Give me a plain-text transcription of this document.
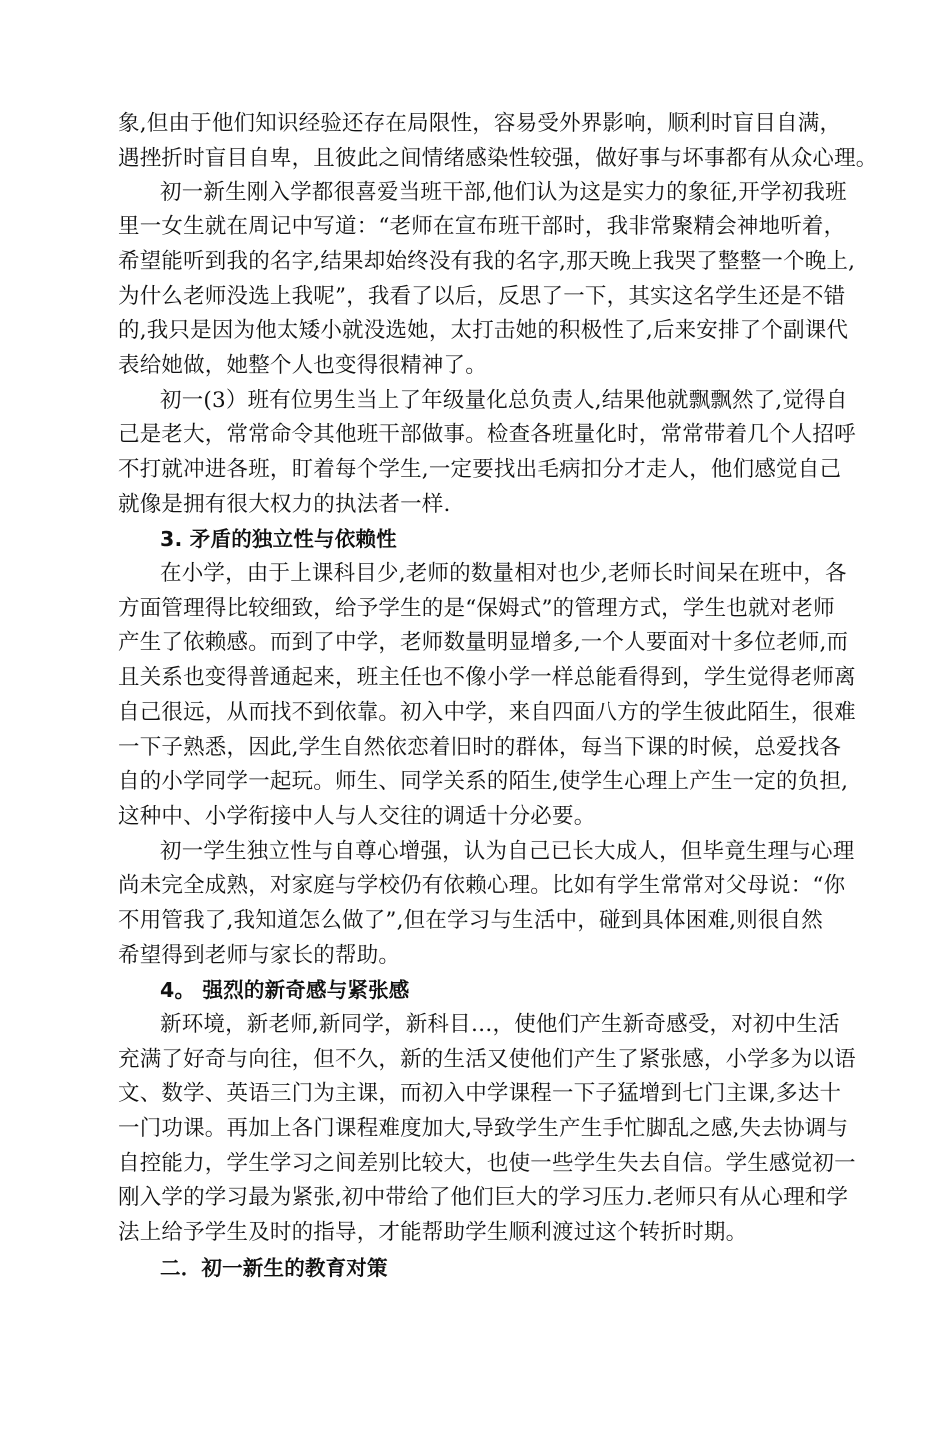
象,但由于他们知识经验还存在局限性，容易受外界影响，顺利时盲目自满，
遇挫折时盲目自卑，且彼此之间情绪感染性较强，做好事与坏事都有从众心理。
初一新生刚入学都很喜爱当班干部,他们认为这是实力的象征,开学初我班
里一女生就在周记中写道：“老师在宣布班干部时，我非常聚精会神地听着，
希望能听到我的名字,结果却始终没有我的名字,那天晚上我哭了整整一个晚上,
为什么老师没选上我呢”，我看了以后，反思了一下，其实这名学生还是不错
的,我只是因为他太矮小就没选她，太打击她的积极性了,后来安排了个副课代
表给她做，她整个人也变得很精神了。
初一(3）班有位男生当上了年级量化总负责人,结果他就飘飘然了,觉得自
己是老大，常常命令其他班干部做事。检查各班量化时，常常带着几个人招呼
不打就冲进各班，盯着每个学生,一定要找出毛病扣分才走人，他们感觉自己
就像是拥有很大权力的执法者一样.
3. 矛盾的独立性与依赖性
在小学，由于上课科目少,老师的数量相对也少,老师长时间呆在班中，各
方面管理得比较细致，给予学生的是“保姆式”的管理方式，学生也就对老师
产生了依赖感。而到了中学，老师数量明显增多,一个人要面对十多位老师,而
且关系也变得普通起来，班主任也不像小学一样总能看得到，学生觉得老师离
自己很远，从而找不到依靠。初入中学，来自四面八方的学生彼此陌生，很难
一下子熟悉，因此,学生自然依恋着旧时的群体，每当下课的时候，总爱找各
自的小学同学一起玩。师生、同学关系的陌生,使学生心理上产生一定的负担,
这种中、小学衔接中人与人交往的调适十分必要。
初一学生独立性与自尊心增强，认为自己已长大成人，但毕竟生理与心理
尚未完全成熟，对家庭与学校仍有依赖心理。比如有学生常常对父母说：“你
不用管我了,我知道怎么做了”,但在学习与生活中，碰到具体困难,则很自然
希望得到老师与家长的帮助。
4。 强烈的新奇感与紧张感
新环境，新老师,新同学，新科目…，使他们产生新奇感受，对初中生活
充满了好奇与向往，但不久，新的生活又使他们产生了紧张感，小学多为以语
文、数学、英语三门为主课，而初入中学课程一下子猛增到七门主课,多达十
一门功课。再加上各门课程难度加大,导致学生产生手忙脚乱之感,失去协调与
自控能力，学生学习之间差别比较大，也使一些学生失去自信。学生感觉初一
刚入学的学习最为紧张,初中带给了他们巨大的学习压力.老师只有从心理和学
法上给予学生及时的指导，才能帮助学生顺利渡过这个转折时期。
二．初一新生的教育对策
